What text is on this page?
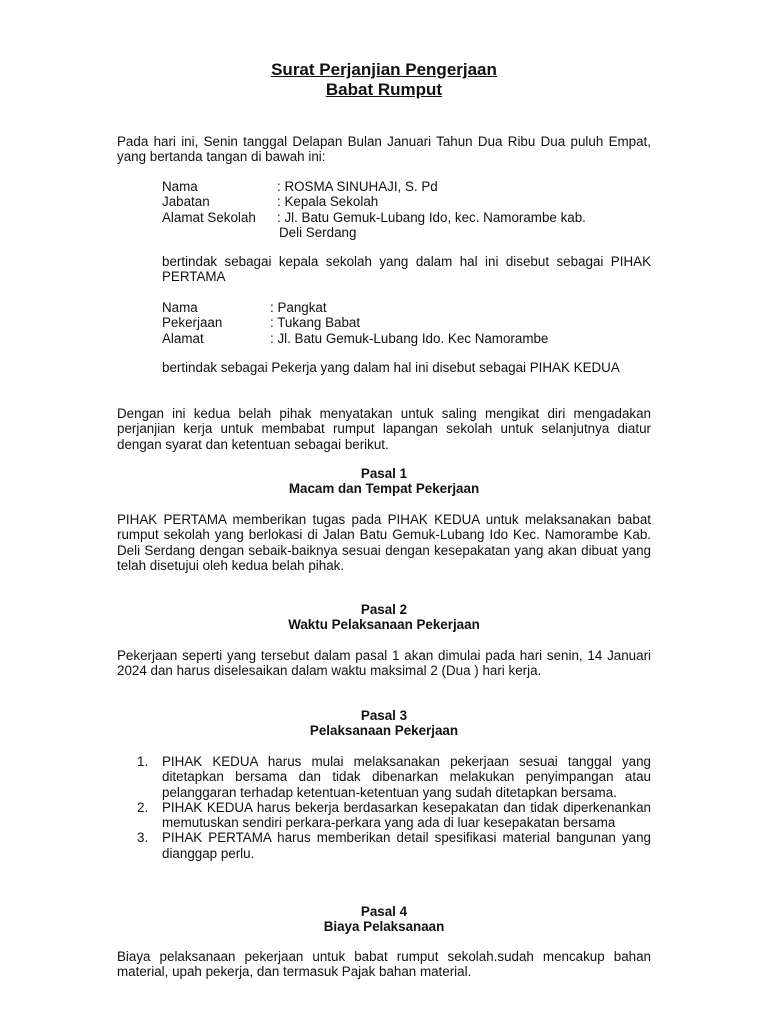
Surat Perjanjian Pengerjaan
Babat Rumput

Pada hari ini, Senin tanggal Delapan Bulan Januari Tahun Dua Ribu Dua puluh Empat, yang bertanda tangan di bawah ini:

Nama	: ROSMA SINUHAJI, S. Pd
Jabatan	: Kepala Sekolah
Alamat Sekolah : Jl. Batu Gemuk-Lubang Ido, kec. Namorambe kab.
Deli Serdang

bertindak sebagai kepala sekolah yang dalam hal ini disebut sebagai PIHAK PERTAMA

Nama	: Pangkat
Pekerjaan	: Tukang Babat
Alamat	: Jl. Batu Gemuk-Lubang Ido. Kec Namorambe

bertindak sebagai Pekerja yang dalam hal ini disebut sebagai PIHAK KEDUA

Dengan ini kedua belah pihak menyatakan untuk saling mengikat diri mengadakan perjanjian kerja untuk membabat rumput lapangan sekolah untuk selanjutnya diatur dengan syarat dan ketentuan sebagai berikut.

Pasal 1
Macam dan Tempat Pekerjaan

PIHAK PERTAMA memberikan tugas pada PIHAK KEDUA untuk melaksanakan babat rumput sekolah yang berlokasi di Jalan Batu Gemuk-Lubang Ido Kec. Namorambe Kab. Deli Serdang dengan sebaik-baiknya sesuai dengan kesepakatan yang akan dibuat yang telah disetujui oleh kedua belah pihak.

Pasal 2
Waktu Pelaksanaan Pekerjaan

Pekerjaan seperti yang tersebut dalam pasal 1 akan dimulai pada hari senin, 14 Januari 2024 dan harus diselesaikan dalam waktu maksimal 2 (Dua ) hari kerja.

Pasal 3
Pelaksanaan Pekerjaan
1. PIHAK KEDUA harus mulai melaksanakan pekerjaan sesuai tanggal yang ditetapkan bersama dan tidak dibenarkan melakukan penyimpangan atau pelanggaran terhadap ketentuan-ketentuan yang sudah ditetapkan bersama.
2. PIHAK KEDUA harus bekerja berdasarkan kesepakatan dan tidak diperkenankan memutuskan sendiri perkara-perkara yang ada di luar kesepakatan bersama
3. PIHAK PERTAMA harus memberikan detail spesifikasi material bangunan yang dianggap perlu.
Pasal 4
Biaya Pelaksanaan

Biaya pelaksanaan pekerjaan untuk babat rumput sekolah.sudah mencakup bahan material, upah pekerja, dan termasuk Pajak bahan material.
